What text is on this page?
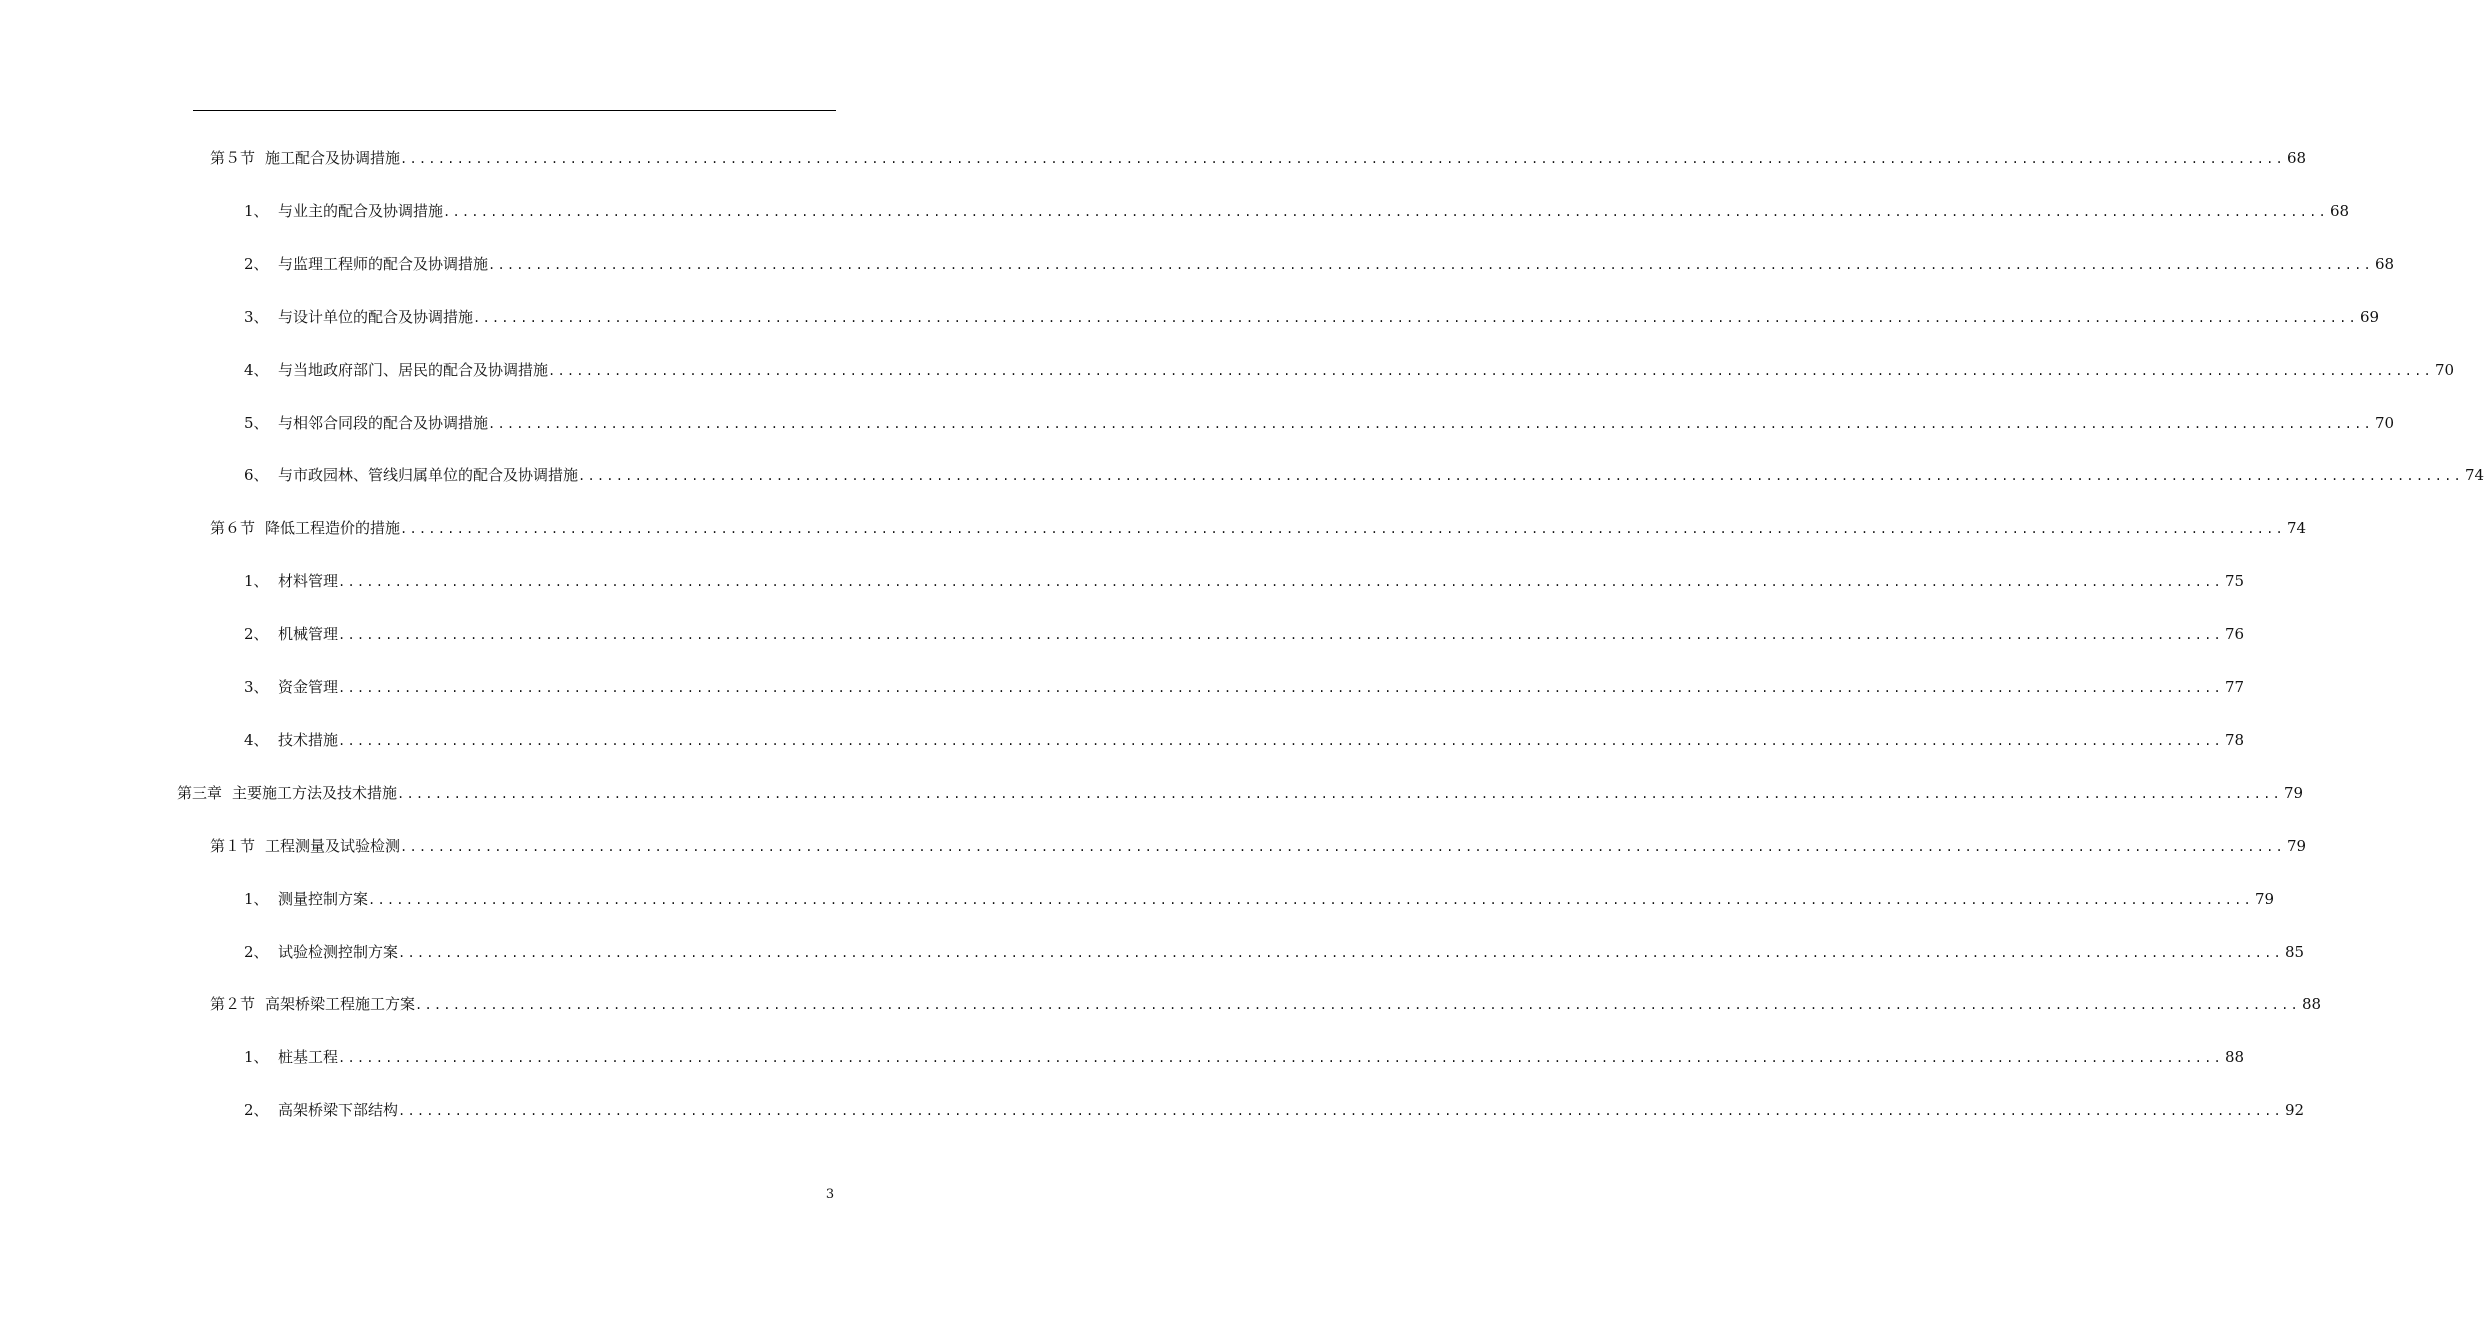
第５节 施工配合及协调措施 ........................................................................................................................................................................................................ 68
1、 与业主的配合及协调措施 ........................................................................................................................................................................................................ 68
2、 与监理工程师的配合及协调措施 ........................................................................................................................................................................................................ 68
3、 与设计单位的配合及协调措施 ........................................................................................................................................................................................................ 69
4、 与当地政府部门、居民的配合及协调措施 ........................................................................................................................................................................................................ 70
5、 与相邻合同段的配合及协调措施 ........................................................................................................................................................................................................ 70
6、 与市政园林、管线归属单位的配合及协调措施 ........................................................................................................................................................................................................ 74
第６节 降低工程造价的措施 ........................................................................................................................................................................................................ 74
1、 材料管理 ........................................................................................................................................................................................................ 75
2、 机械管理 ........................................................................................................................................................................................................ 76
3、 资金管理 ........................................................................................................................................................................................................ 77
4、 技术措施 ........................................................................................................................................................................................................ 78
第三章 主要施工方法及技术措施 ........................................................................................................................................................................................................ 79
第１节 工程测量及试验检测 ........................................................................................................................................................................................................ 79
1、 测量控制方案 ........................................................................................................................................................................................................ 79
2、 试验检测控制方案 ........................................................................................................................................................................................................ 85
第２节 高架桥梁工程施工方案 ........................................................................................................................................................................................................ 88
1、 桩基工程 ........................................................................................................................................................................................................ 88
2、 高架桥梁下部结构 ........................................................................................................................................................................................................ 92
3
